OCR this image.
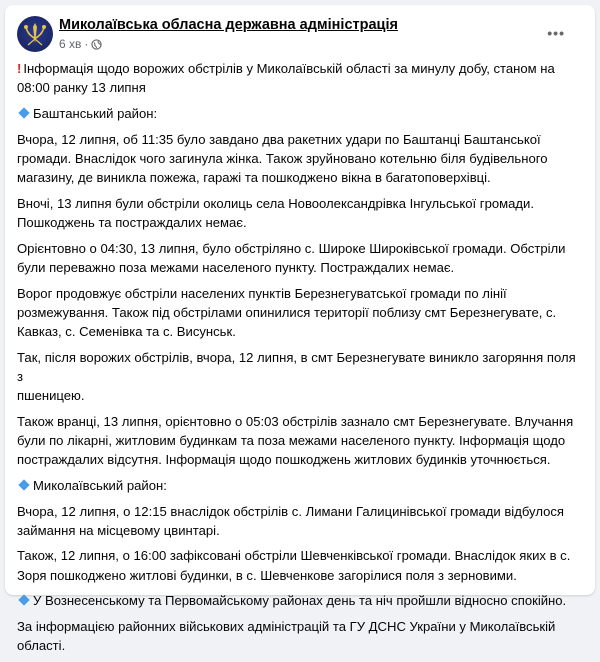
Миколаївська обласна державна адміністрація
6 хв ·
•••
! Інформація щодо ворожих обстрілів у Миколаївській області за минулу добу, станом на
08:00 ранку 13 липня
Баштанський район:
Вчора, 12 липня, об 11:35 було завдано два ракетних удари по Баштанці Баштанської
громади. Внаслідок чого загинула жінка. Також зруйновано котельню біля будівельного
магазину, де виникла пожежа, гаражі та пошкоджено вікна в багатоповерхівці.
Вночі, 13 липня були обстріли околиць села Новоолександрівка Інгульської громади.
Пошкоджень та постраждалих немає.
Орієнтовно о 04:30, 13 липня, було обстріляно с. Широке Широківської громади. Обстріли
були переважно поза межами населеного пункту. Постраждалих немає.
Ворог продовжує обстріли населених пунктів Березнегуватської громади по лінії
розмежування. Також під обстрілами опинилися території поблизу смт Березнегувате, с.
Кавказ, с. Семенівка та с. Висунськ.
Так, після ворожих обстрілів, вчора, 12 липня, в смт Березнегувате виникло загоряння поля з
пшеницею.
Також вранці, 13 липня, орієнтовно о 05:03 обстрілів зазнало смт Березнегувате. Влучання
були по лікарні, житловим будинкам та поза межами населеного пункту. Інформація щодо
постраждалих відсутня. Інформація щодо пошкоджень житлових будинків уточнюється.
Миколаївський район:
Вчора, 12 липня, о 12:15 внаслідок обстрілів с. Лимани Галицинівської громади відбулося
займання на місцевому цвинтарі.
Також, 12 липня, о 16:00 зафіксовані обстріли Шевченківської громади. Внаслідок яких в с.
Зоря пошкоджено житлові будинки, в с. Шевченкове загорілися поля з зерновими.
У Вознесенському та Первомайському районах день та ніч пройшли відносно спокійно.
За інформацією районних військових адміністрацій та ГУ ДСНС України у Миколаївській
області.
